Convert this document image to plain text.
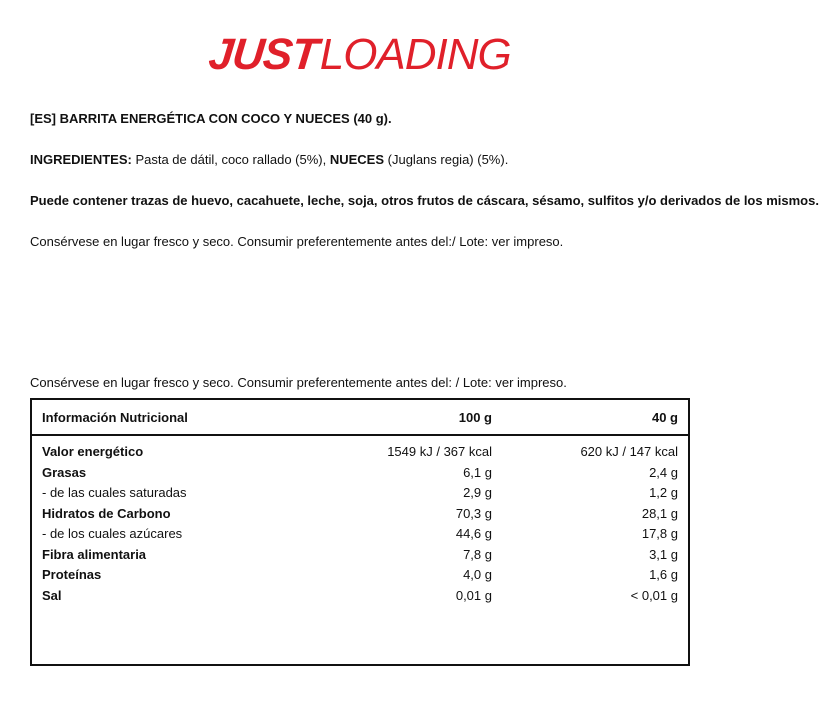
JUSTLOADING
[ES] BARRITA ENERGÉTICA CON COCO Y NUECES (40 g).
INGREDIENTES: Pasta de dátil, coco rallado (5%), NUECES (Juglans regia) (5%).
Puede contener trazas de huevo, cacahuete, leche, soja, otros frutos de cáscara, sésamo, sulfitos y/o derivados de los mismos.
Consérvese en lugar fresco y seco. Consumir preferentemente antes del:/ Lote: ver impreso.
Consérvese en lugar fresco y seco. Consumir preferentemente antes del: / Lote: ver impreso.
Información Nutricional	100 g	40 g
Valor energético	1549 kJ / 367 kcal	620 kJ / 147 kcal
Grasas	6,1 g	2,4 g
- de las cuales saturadas	2,9 g	1,2 g
Hidratos de Carbono	70,3 g	28,1 g
- de los cuales azúcares	44,6 g	17,8 g
Fibra alimentaria	7,8 g	3,1 g
Proteínas	4,0 g	1,6 g
Sal	0,01 g	< 0,01 g
